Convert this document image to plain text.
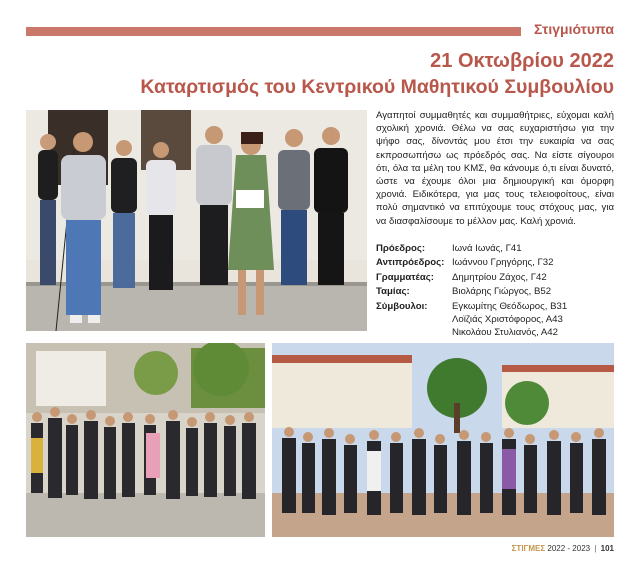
Στιγμιότυπα
21 Οκτωβρίου 2022
Καταρτισμός του Κεντρικού Μαθητικού Συμβουλίου

Αγαπητοί συμμαθητές και συμμαθήτριες, εύχομαι καλή σχολική χρονιά. Θέλω να σας ευχαριστήσω για την ψήφο σας, δίνοντάς μου έτσι την ευκαιρία να σας εκπροσωπήσω ως πρόεδρός σας. Να είστε σίγουροι ότι, όλα τα μέλη του ΚΜΣ, θα κάνουμε ό,τι είναι δυνατό, ώστε να έχουμε όλοι μια δημιουργική και όμορφη χρονιά. Ειδικότερα, για μας τους τελειοφοίτους, είναι πολύ σημαντικό να επιτύχουμε τους στόχους μας, για να διασφαλίσουμε το μέλλον μας. Καλή χρονιά.

Πρόεδρος:	Ιωνά Ιωνάς, Γ41
Αντιπρόεδρος: Ιωάννου Γρηγόρης, Γ32
Γραμματέας:	Δημητρίου Ζάχος, Γ42
Ταμίας:	Βιολάρης Γιώργος, Β52
Σύμβουλοι:	Εγκωμίτης Θεόδωρος, Β31
Λοϊζιάς Χριστόφορος, Α43
Νικολάου Στυλιανός, Α42
ΣΤΙΓΜΕΣ 2022 - 2023 | 101
